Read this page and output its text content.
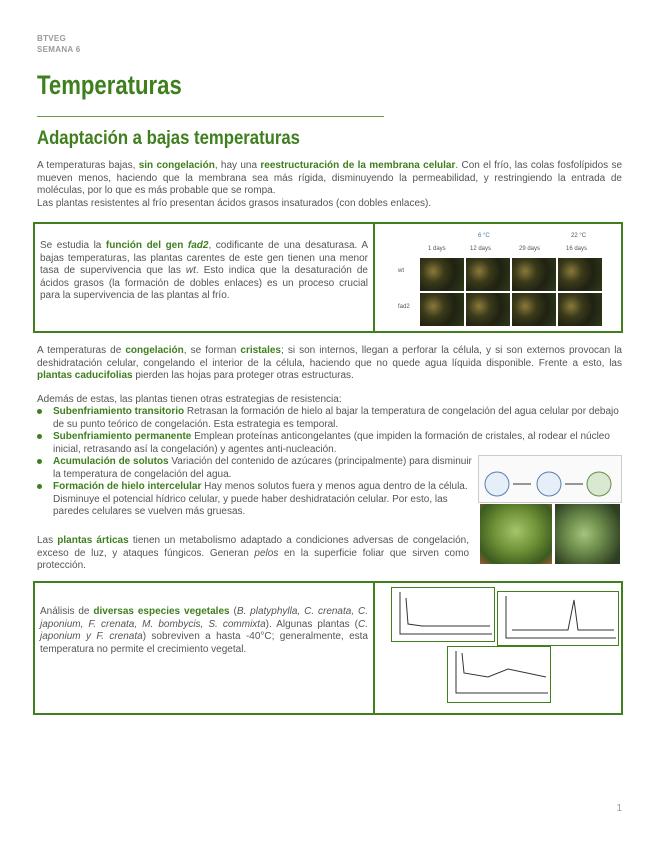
BTVEG
SEMANA 6
Temperaturas
Adaptación a bajas temperaturas

A temperaturas bajas, sin congelación, hay una reestructuración de la membrana celular. Con el frío, las colas fosfolípidos se mueven menos, haciendo que la membrana sea más rígida, disminuyendo la permeabilidad, y restringiendo la entrada de moléculas, por lo que es más probable que se rompa.
Las plantas resistentes al frío presentan ácidos grasos insaturados (con dobles enlaces).

Se estudia la función del gen fad2, codificante de una desaturasa. A bajas temperaturas, las plantas carentes de este gen tienen una menor tasa de supervivencia que las wt. Esto indica que la desaturación de ácidos grasos (la formación de dobles enlaces) es un proceso crucial para la supervivencia de las plantas al frío.
6 °C	22 °C
1 days	12 days	29 days	16 days
wt
fad2

A temperaturas de congelación, se forman cristales; si son internos, llegan a perforar la célula, y si son externos provocan la deshidratación celular, congelando el interior de la célula, haciendo que no quede agua líquida disponible. Frente a esto, las plantas caducifolias pierden las hojas para proteger otras estructuras.

Además de estas, las plantas tienen otras estrategias de resistencia:

Subenfriamiento transitorio Retrasan la formación de hielo al bajar la temperatura de congelación del agua celular por debajo de su punto teórico de congelación. Esta estrategia es temporal.
Subenfriamiento permanente Emplean proteínas anticongelantes (que impiden la formación de cristales, al rodear el núcleo inicial, retrasando así la congelación) y agentes anti-nucleación.
Acumulación de solutos Variación del contenido de azúcares (principalmente) para disminuir la temperatura de congelación del agua.
Formación de hielo intercelular Hay menos solutos fuera y menos agua dentro de la célula. Disminuye el potencial hídrico celular, y puede haber deshidratación celular. Por esto, las paredes celulares se vuelven más gruesas.

Las plantas árticas tienen un metabolismo adaptado a condiciones adversas de congelación, exceso de luz, y ataques fúngicos. Generan pelos en la superficie foliar que sirven como protección.

Análisis de diversas especies vegetales (B. platyphylla, C. crenata, C. japonium, F. crenata, M. bombycis, S. commixta). Algunas plantas (C. japonium y F. crenata) sobreviven a hasta -40°C; generalmente, esta temperatura no permite el crecimiento vegetal.
1
